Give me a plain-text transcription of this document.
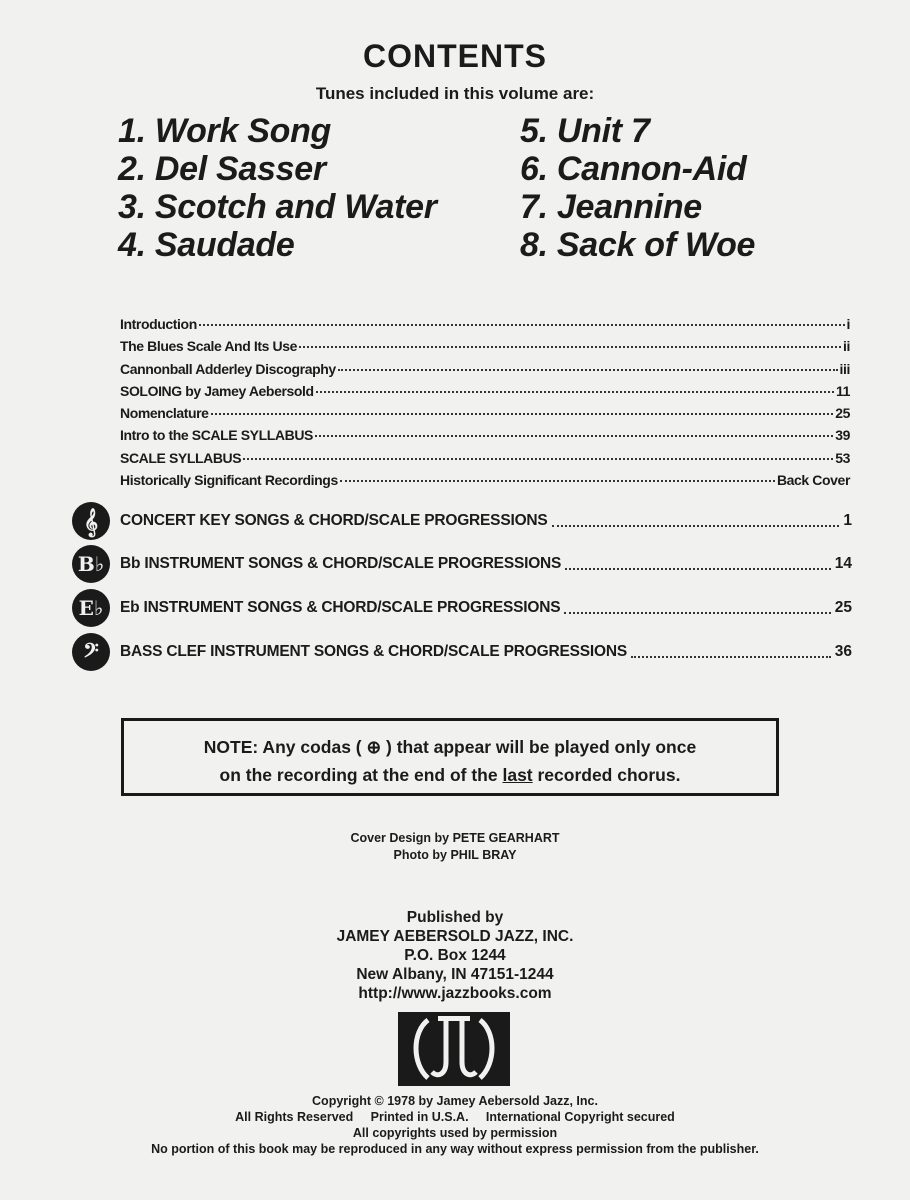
CONTENTS
Tunes included in this volume are:
1. Work Song
2. Del Sasser
3. Scotch and Water
4. Saudade
5. Unit 7
6. Cannon-Aid
7. Jeannine
8. Sack of Woe
Introduction	i
The Blues Scale And Its Use	ii
Cannonball Adderley Discography	iii
SOLOING by Jamey Aebersold	11
Nomenclature	25
Intro to the SCALE SYLLABUS	39
SCALE SYLLABUS	53
Historically Significant Recordings	Back Cover
𝄞	CONCERT KEY SONGS & CHORD/SCALE PROGRESSIONS	1
B♭	Bb INSTRUMENT SONGS & CHORD/SCALE PROGRESSIONS	14
E♭	Eb INSTRUMENT SONGS & CHORD/SCALE PROGRESSIONS	25
𝄢	BASS CLEF INSTRUMENT SONGS & CHORD/SCALE PROGRESSIONS	36
NOTE: Any codas ( ⊕ ) that appear will be played only once
on the recording at the end of the last recorded chorus.
Cover Design by PETE GEARHART
Photo by PHIL BRAY
Published by
JAMEY AEBERSOLD JAZZ, INC.
P.O. Box 1244
New Albany, IN 47151-1244
http://www.jazzbooks.com
Copyright © 1978 by Jamey Aebersold Jazz, Inc.
All Rights Reserved     Printed in U.S.A.     International Copyright secured
All copyrights used by permission
No portion of this book may be reproduced in any way without express permission from the publisher.
